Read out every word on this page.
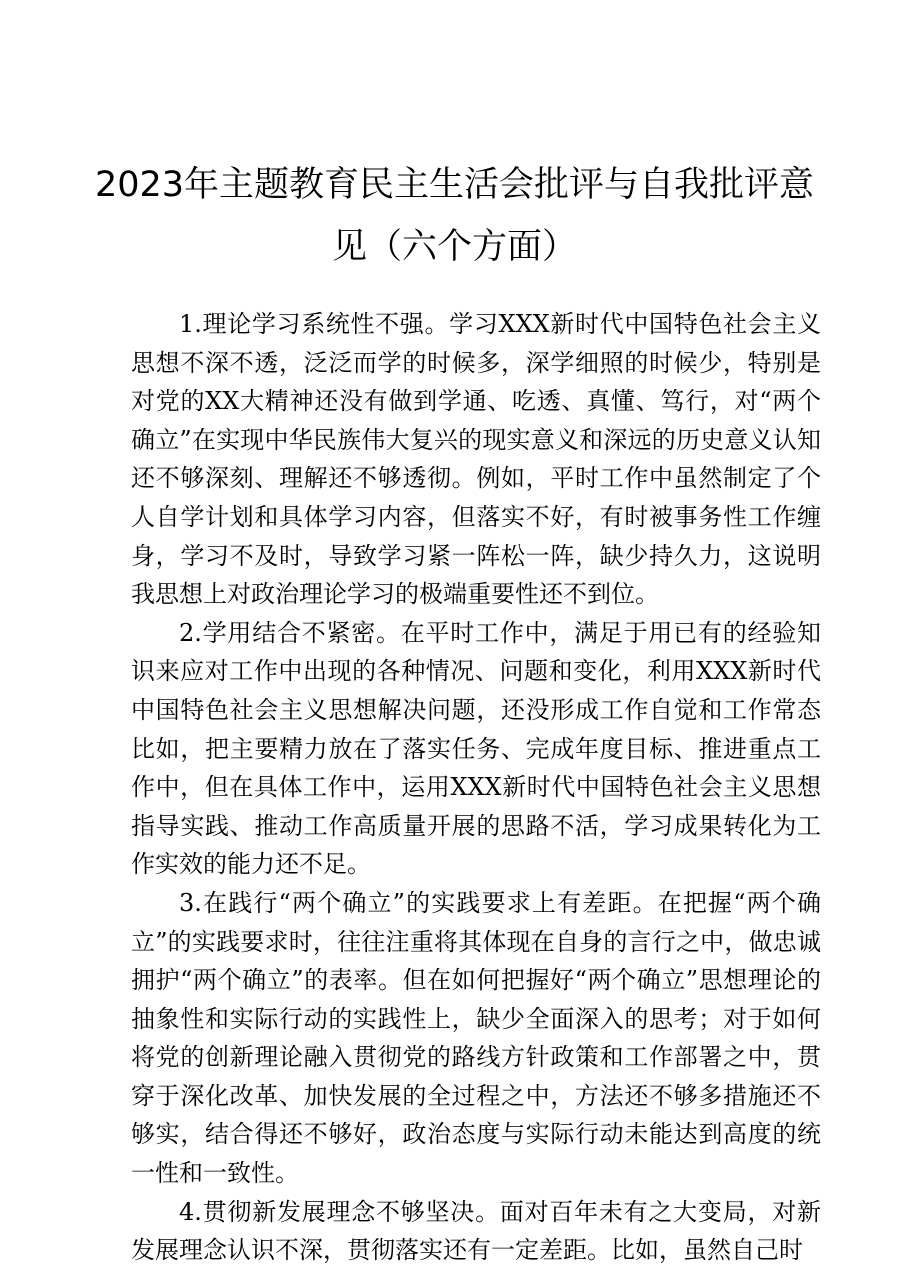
2023年主题教育民主生活会批评与自我批评意
见（六个方面）

1.理论学习系统性不强。学习XXX新时代中国特色社会主义思想不深不透，泛泛而学的时候多，深学细照的时候少，特别是对党的XX大精神还没有做到学通、吃透、真懂、笃行，对“两个确立”在实现中华民族伟大复兴的现实意义和深远的历史意义认知还不够深刻、理解还不够透彻。例如，平时工作中虽然制定了个人自学计划和具体学习内容，但落实不好，有时被事务性工作缠身，学习不及时，导致学习紧一阵松一阵，缺少持久力，这说明我思想上对政治理论学习的极端重要性还不到位。

2.学用结合不紧密。在平时工作中，满足于用已有的经验知识来应对工作中出现的各种情况、问题和变化，利用XXX新时代中国特色社会主义思想解决问题，还没形成工作自觉和工作常态比如，把主要精力放在了落实任务、完成年度目标、推进重点工作中，但在具体工作中，运用XXX新时代中国特色社会主义思想指导实践、推动工作高质量开展的思路不活，学习成果转化为工作实效的能力还不足。

3.在践行“两个确立”的实践要求上有差距。在把握“两个确立”的实践要求时，往往注重将其体现在自身的言行之中，做忠诚拥护“两个确立”的表率。但在如何把握好“两个确立”思想理论的抽象性和实际行动的实践性上，缺少全面深入的思考；对于如何将党的创新理论融入贯彻党的路线方针政策和工作部署之中，贯穿于深化改革、加快发展的全过程之中，方法还不够多措施还不够实，结合得还不够好，政治态度与实际行动未能达到高度的统一性和一致性。

4.贯彻新发展理念不够坚决。面对百年未有之大变局，对新发展理念认识不深，贯彻落实还有一定差距。比如，虽然自己时
